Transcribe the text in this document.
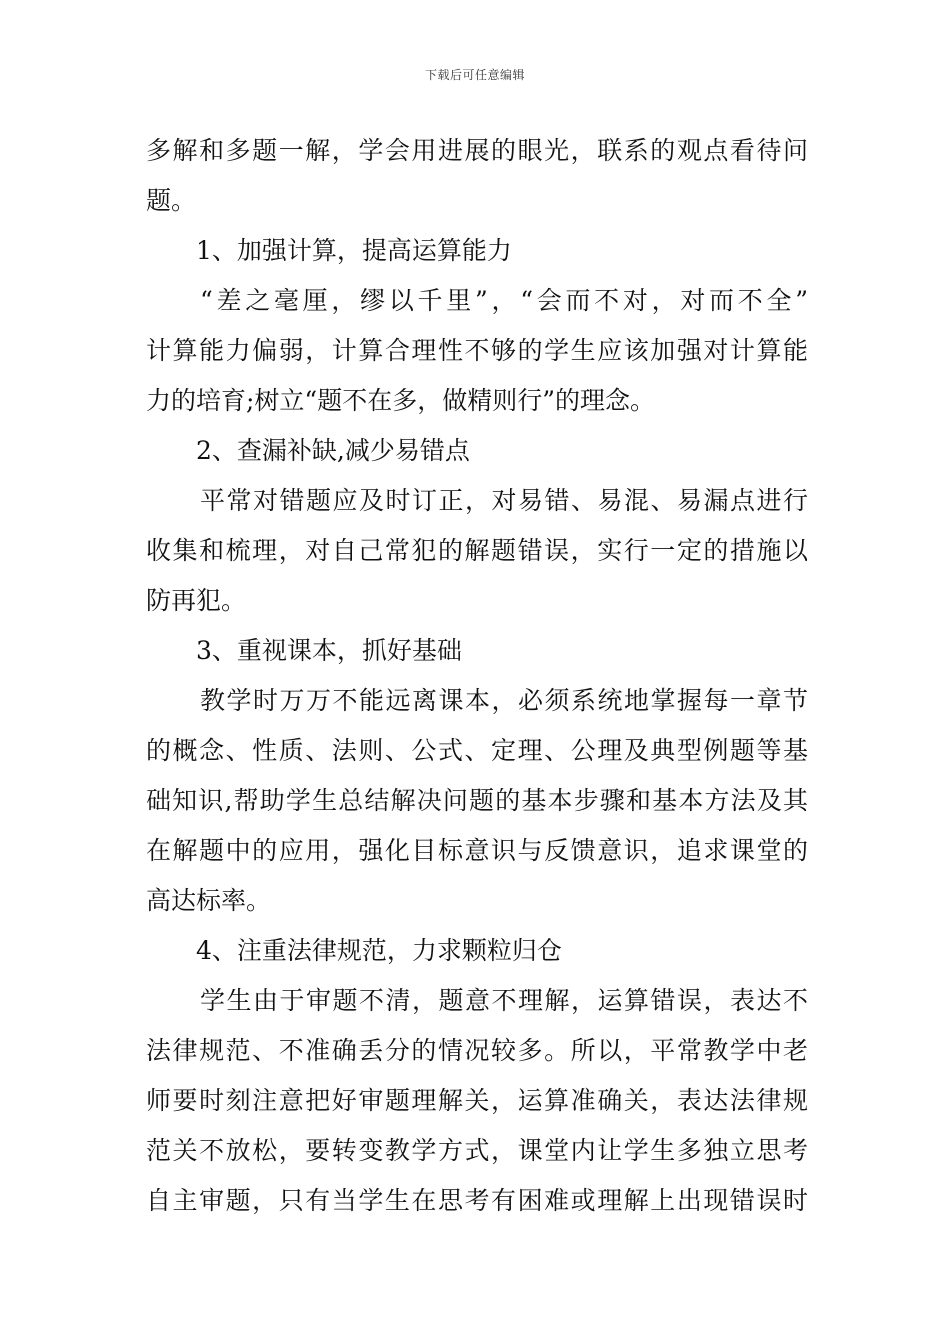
下载后可任意编辑
多解和多题一解，学会用进展的眼光，联系的观点看待问
题。
1、加强计算，提高运算能力
“差之毫厘，缪以千里”，“会而不对，对而不全”
计算能力偏弱，计算合理性不够的学生应该加强对计算能
力的培育;树立“题不在多，做精则行”的理念。
2、查漏补缺,减少易错点
平常对错题应及时订正，对易错、易混、易漏点进行
收集和梳理，对自己常犯的解题错误，实行一定的措施以
防再犯。
3、重视课本，抓好基础
教学时万万不能远离课本，必须系统地掌握每一章节
的概念、性质、法则、公式、定理、公理及典型例题等基
础知识,帮助学生总结解决问题的基本步骤和基本方法及其
在解题中的应用，强化目标意识与反馈意识，追求课堂的
高达标率。
4、注重法律规范，力求颗粒归仓
学生由于审题不清，题意不理解，运算错误，表达不
法律规范、不准确丢分的情况较多。所以，平常教学中老
师要时刻注意把好审题理解关，运算准确关，表达法律规
范关不放松，要转变教学方式，课堂内让学生多独立思考
自主审题，只有当学生在思考有困难或理解上出现错误时
